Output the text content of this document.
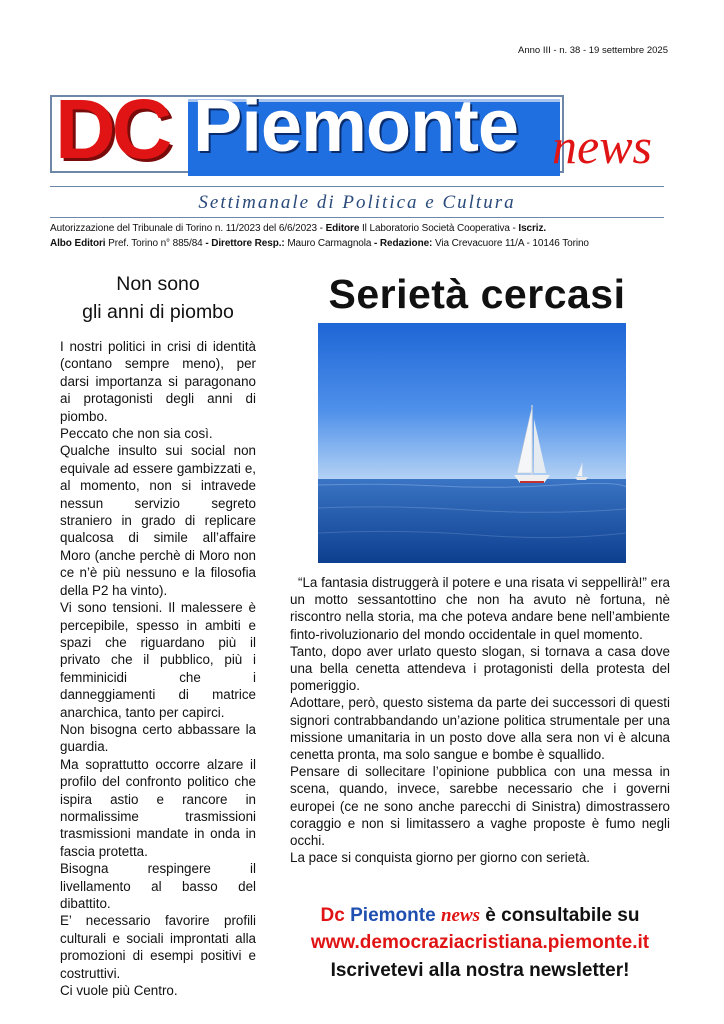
Anno III - n. 38 - 19 settembre 2025
DC Piemonte news
Settimanale di Politica e Cultura
Autorizzazione del Tribunale di Torino n. 11/2023 del 6/6/2023 - Editore Il Laboratorio Società Cooperativa - Iscriz.
Albo Editori Pref. Torino n° 885/84 - Direttore Resp.: Mauro Carmagnola - Redazione: Via Crevacuore 11/A - 10146 Torino
Non sono
gli anni di piombo

I nostri politici in crisi di identità (contano sempre meno), per darsi importanza si paragonano ai protagonisti degli anni di piombo.

Peccato che non sia così.

Qualche insulto sui social non equivale ad essere gambizzati e, al momento, non si intravede nessun servizio segreto straniero in grado di replicare qualcosa di simile all’affaire Moro (anche perchè di Moro non ce n’è più nessuno e la filosofia della P2 ha vinto).

Vi sono tensioni. Il malessere è percepibile, spesso in ambiti e spazi che riguardano più il privato che il pubblico, più i femminicidi che i danneggiamenti di matrice anarchica, tanto per capirci.

Non bisogna certo abbassare la guardia.

Ma soprattutto occorre alzare il profilo del confronto politico che ispira astio e rancore in normalissime trasmissioni trasmissioni mandate in onda in fascia protetta.

Bisogna respingere il livellamento al basso del dibattito.

E’ necessario favorire profili culturali e sociali improntati alla promozioni di esempi positivi e costruttivi.

Ci vuole più Centro.

Serietà cercasi

“La fantasia distruggerà il potere e una risata vi seppellirà!” era un motto sessantottino che non ha avuto nè fortuna, nè riscontro nella storia, ma che poteva andare bene nell’ambiente finto-rivoluzionario del mondo occidentale in quel momento.

Tanto, dopo aver urlato questo slogan, si tornava a casa dove una bella cenetta attendeva i protagonisti della protesta del pomeriggio.

Adottare, però, questo sistema da parte dei successori di questi signori contrabbandando un’azione politica strumentale per una missione umanitaria in un posto dove alla sera non vi è alcuna cenetta pronta, ma solo sangue e bombe è squallido.

Pensare di sollecitare l’opinione pubblica con una messa in scena, quando, invece, sarebbe necessario che i governi europei (ce ne sono anche parecchi di Sinistra) dimostrassero coraggio e non si limitassero a vaghe proposte è fumo negli occhi.

La pace si conquista giorno per giorno con serietà.

Dc Piemonte news è consultabile su
www.democraziacristiana.piemonte.it
Iscrivetevi alla nostra newsletter!
